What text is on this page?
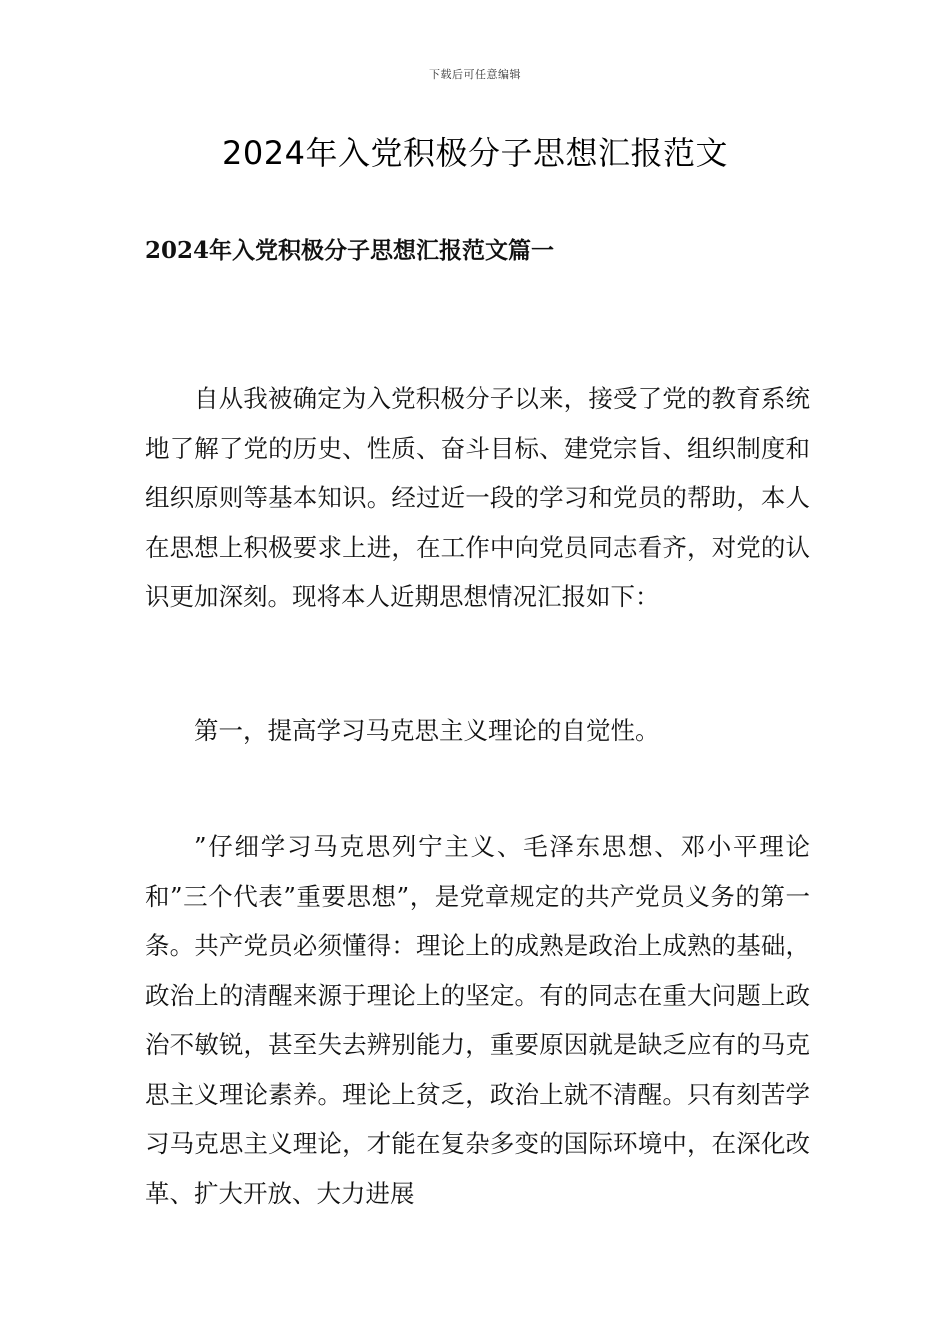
下载后可任意编辑
2024年入党积极分子思想汇报范文
2024年入党积极分子思想汇报范文篇一

自从我被确定为入党积极分子以来，接受了党的教育系统地了解了党的历史、性质、奋斗目标、建党宗旨、组织制度和组织原则等基本知识。经过近一段的学习和党员的帮助，本人在思想上积极要求上进，在工作中向党员同志看齐，对党的认识更加深刻。现将本人近期思想情况汇报如下：

第一，提高学习马克思主义理论的自觉性。

”仔细学习马克思列宁主义、毛泽东思想、邓小平理论和”三个代表”重要思想”，是党章规定的共产党员义务的第一条。共产党员必须懂得：理论上的成熟是政治上成熟的基础，政治上的清醒来源于理论上的坚定。有的同志在重大问题上政治不敏锐，甚至失去辨别能力，重要原因就是缺乏应有的马克思主义理论素养。理论上贫乏，政治上就不清醒。只有刻苦学习马克思主义理论，才能在复杂多变的国际环境中，在深化改革、扩大开放、大力进展
